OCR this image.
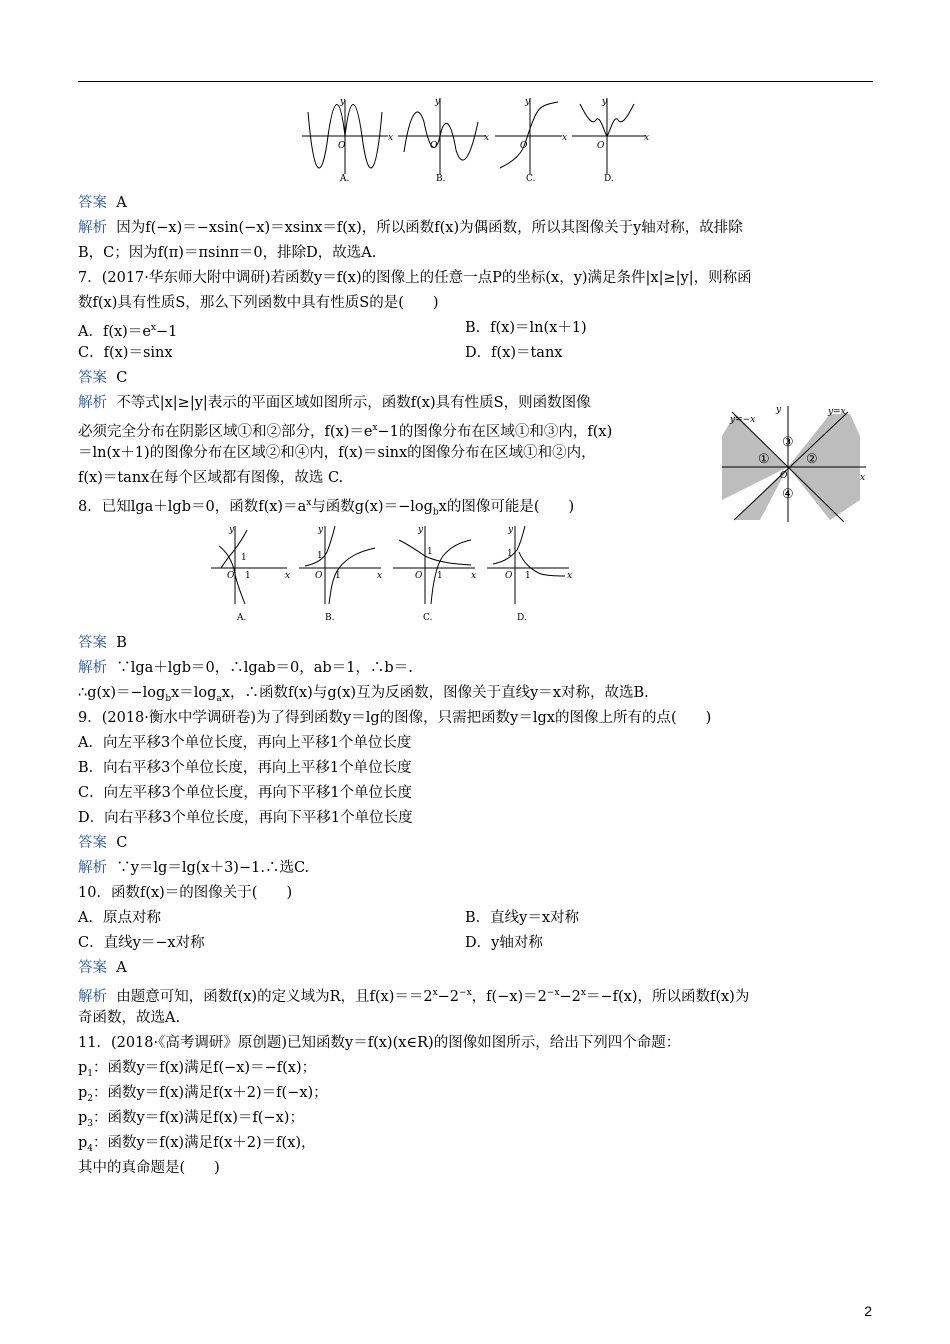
y
O
x
A.
y
O
x
B.
y
O
x
C.
y
O
x
D.
答案 A
解析 因为f(−x)＝−xsin(−x)＝xsinx＝f(x)，所以函数f(x)为偶函数，所以其图像关于y轴对称，故排除
B，C；因为f(π)＝πsinπ＝0，排除D，故选A.
7．(2017·华东师大附中调研)若函数y＝f(x)的图像上的任意一点P的坐标(x，y)满足条件|x|≥|y|，则称函
数f(x)具有性质S，那么下列函数中具有性质S的是(　　)
A．$f(x)=e^x-1$	B．f(x)＝ln(x＋1)
C．f(x)＝sinx	D．f(x)＝tanx
答案 C
解析 不等式|x|≥|y|表示的平面区域如图所示，函数f(x)具有性质S，则函数图像
必须完全分布在阴影区域①和②部分，$f(x)=e^x-1$的图像分布在区域①和③内，f(x)
＝ln(x＋1)的图像分布在区域②和④内，f(x)＝sinx的图像分布在区域①和②内，
f(x)＝tanx在每个区域都有图像，故选 C.
y=−x
y=x
y
x
O
①	②
③
④
8．已知lga＋lgb＝0，函数$f(x)=a^x$与函数$g(x)=-\log_bx$的图像可能是(　　)
y
1
O 1	x
A.
y
1
O 1	x
B.
y
1
O 1	x
C.
y
1
O 1	x
D.
答案 B
解析 ∵lga＋lgb＝0，∴lgab＝0，ab＝1，∴b＝.
$\therefore g(x)=-\log_bx=\log_ax$，∴函数f(x)与g(x)互为反函数，图像关于直线y＝x对称，故选B.
9．(2018·衡水中学调研卷)为了得到函数y＝lg的图像，只需把函数y＝lgx的图像上所有的点(　　)
A．向左平移3个单位长度，再向上平移1个单位长度
B．向右平移3个单位长度，再向上平移1个单位长度
C．向左平移3个单位长度，再向下平移1个单位长度
D．向右平移3个单位长度，再向下平移1个单位长度
答案 C
解析 ∵y＝lg＝lg(x＋3)−1.∴选C.
10．函数f(x)＝的图像关于(　　)
A．原点对称	B．直线y＝x对称
C．直线y＝−x对称	D．y轴对称
答案 A
解析 由题意可知，函数f(x)的定义域为R，且$f(x)==2^x-2^{-x}$，$f(-x)=2^{-x}-2^x=-f(x)$，所以函数f(x)为
奇函数，故选A.
11．(2018·《高考调研》原创题)已知函数y＝f(x)(x∈R)的图像如图所示，给出下列四个命题：
$p_1$：函数y＝f(x)满足f(−x)＝−f(x)；
$p_2$：函数y＝f(x)满足f(x＋2)＝f(−x)；
$p_3$：函数y＝f(x)满足f(x)＝f(−x)；
$p_4$：函数y＝f(x)满足f(x＋2)＝f(x)，
其中的真命题是(　　)
2
